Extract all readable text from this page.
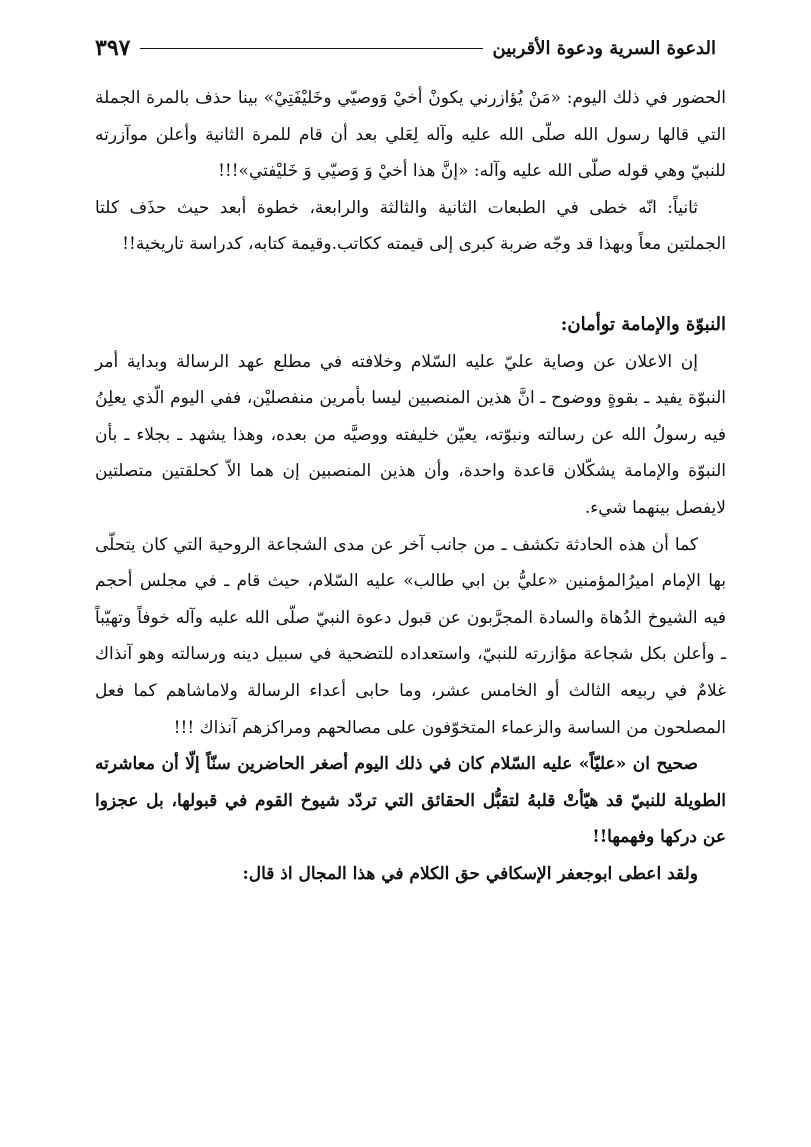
الدعوة السرية ودعوة الأقربين
٣٩٧

الحضور في ذلك اليوم: «مَنْ يُؤازرني يكونْ أخيْ وَوصيّي وخَليْفَتِيْ» بينا حذف بالمرة الجملة التي قالها رسول الله صلّى الله عليه وآله لِعَلي بعد أن قام للمرة الثانية وأعلن موآزرته للنبيّ وهي قوله صلّى الله عليه وآله: «إنَّ هذا أخيْ وَ وَصيّي وَ خَليْفتي»!!!

ثانياً: انّه خطى في الطبعات الثانية والثالثة والرابعة، خطوة أبعد حيث حذَف كلتا الجملتين معاً وبهذا قد وجّه ضربة كبرى إلى قيمته ككاتب.وقيمة كتابه، كدراسة تاريخية!!

النبوّة والإمامة توأمان:

إن الاعلان عن وصاية عليّ عليه السّلام وخلافته في مطلع عهد الرسالة وبداية أمر النبوّة يفيد ـ بقوةٍ ووضوح ـ انَّ هذين المنصبين ليسا بأمرين منفصليْن، ففي اليوم الّذي يعلِنُ فيه رسولُ الله عن رسالته ونبوّته، يعيّن خليفته ووصيَّه من بعده، وهذا يشهد ـ بجلاء ـ بأن النبوّة والإمامة يشكّلان قاعدة واحدة، وأن هذين المنصبين إن هما الاّ كحلقتين متصلتين لايفصل بينهما شيء.

كما أن هذه الحادثة تكشف ـ من جانب آخر عن مدى الشجاعة الروحية التي كان يتحلّى بها الإمام اميرُالمؤمنين «عليُّ بن ابي طالب» عليه السّلام، حيث قام ـ في مجلس أحجم فيه الشيوخ الدُهاة والسادة المجرَّبون عن قبول دعوة النبيّ صلّى الله عليه وآله خوفاً وتهيّباً ـ وأعلن بكل شجاعة مؤازرته للنبيّ، واستعداده للتضحية في سبيل دينه ورسالته وهو آنذاك غلامٌ في ربيعه الثالث أو الخامس عشر، وما حابى أعداء الرسالة ولاماشاهم كما فعل المصلحون من الساسة والزعماء المتخوّفون على مصالحهم ومراكزهم آنذاك !!!

صحيح ان «عليّاً» عليه السّلام كان في ذلك اليوم أصغر الحاضرين سنّاً إلّا أن معاشرته الطويلة للنبيّ قد هيّأتْ قلبهُ لتقبُّل الحقائق التي تردّد شيوخ القوم في قبولها، بل عجزوا عن دركها وفهمها!!

ولقد اعطى ابوجعفر الإسكافي حق الكلام في هذا المجال اذ قال:
